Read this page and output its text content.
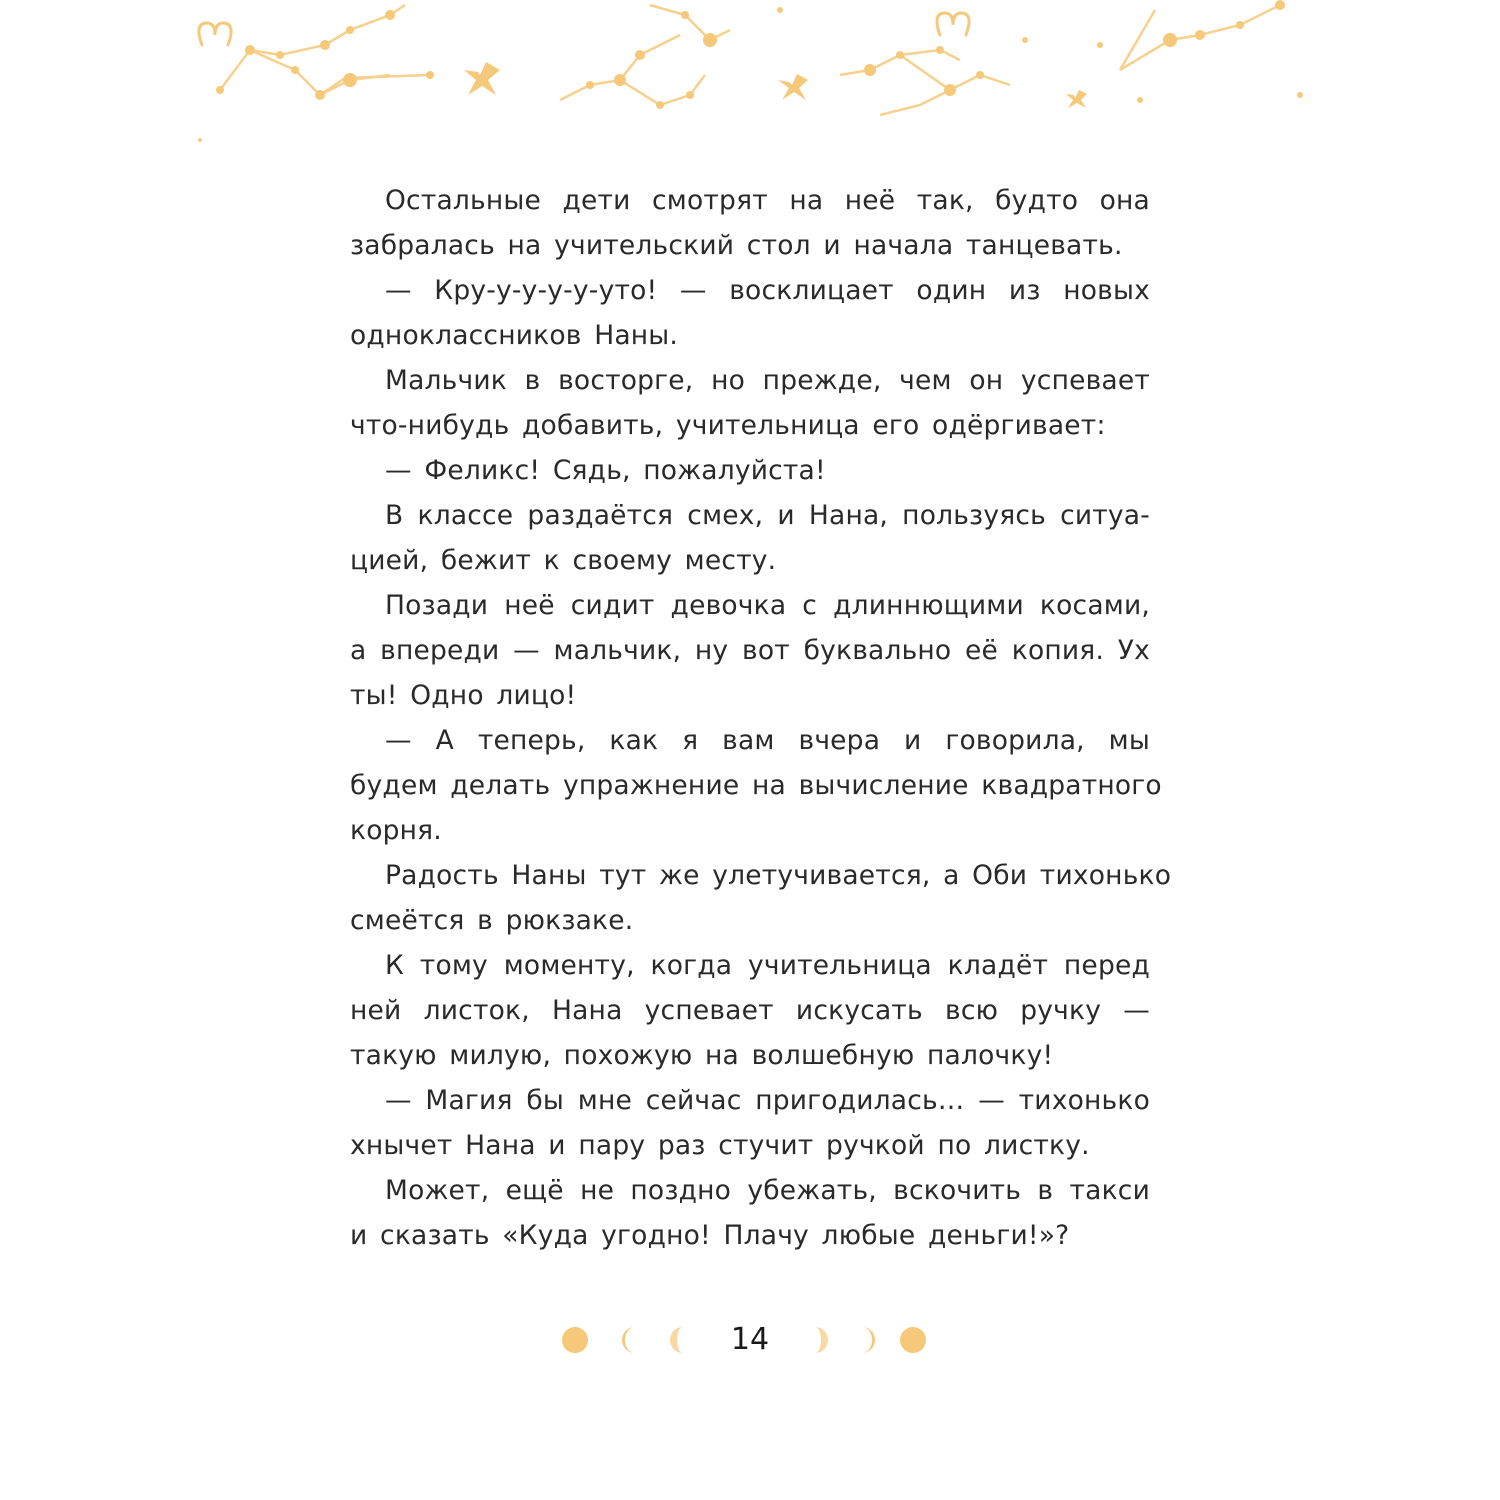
Остальные дети смотрят на неё так, будто она
забралась на учительский стол и начала танцевать.
— Кру-у-у-у-у-уто! — восклицает один из новых
одноклассников Наны.
Мальчик в восторге, но прежде, чем он успевает
что-нибудь добавить, учительница его одёргивает:
— Феликс! Сядь, пожалуйста!
В классе раздаётся смех, и Нана, пользуясь ситуа-
цией, бежит к своему месту.
Позади неё сидит девочка с длиннющими косами,
а впереди — мальчик, ну вот буквально её копия. Ух
ты! Одно лицо!
— А теперь, как я вам вчера и говорила, мы
будем делать упражнение на вычисление квадратного
корня.
Радость Наны тут же улетучивается, а Оби тихонько
смеётся в рюкзаке.
К тому моменту, когда учительница кладёт перед
ней листок, Нана успевает искусать всю ручку —
такую милую, похожую на волшебную палочку!
— Магия бы мне сейчас пригодилась… — тихонько
хнычет Нана и пару раз стучит ручкой по листку.
Может, ещё не поздно убежать, вскочить в такси
и сказать «Куда угодно! Плачу любые деньги!»?
14
